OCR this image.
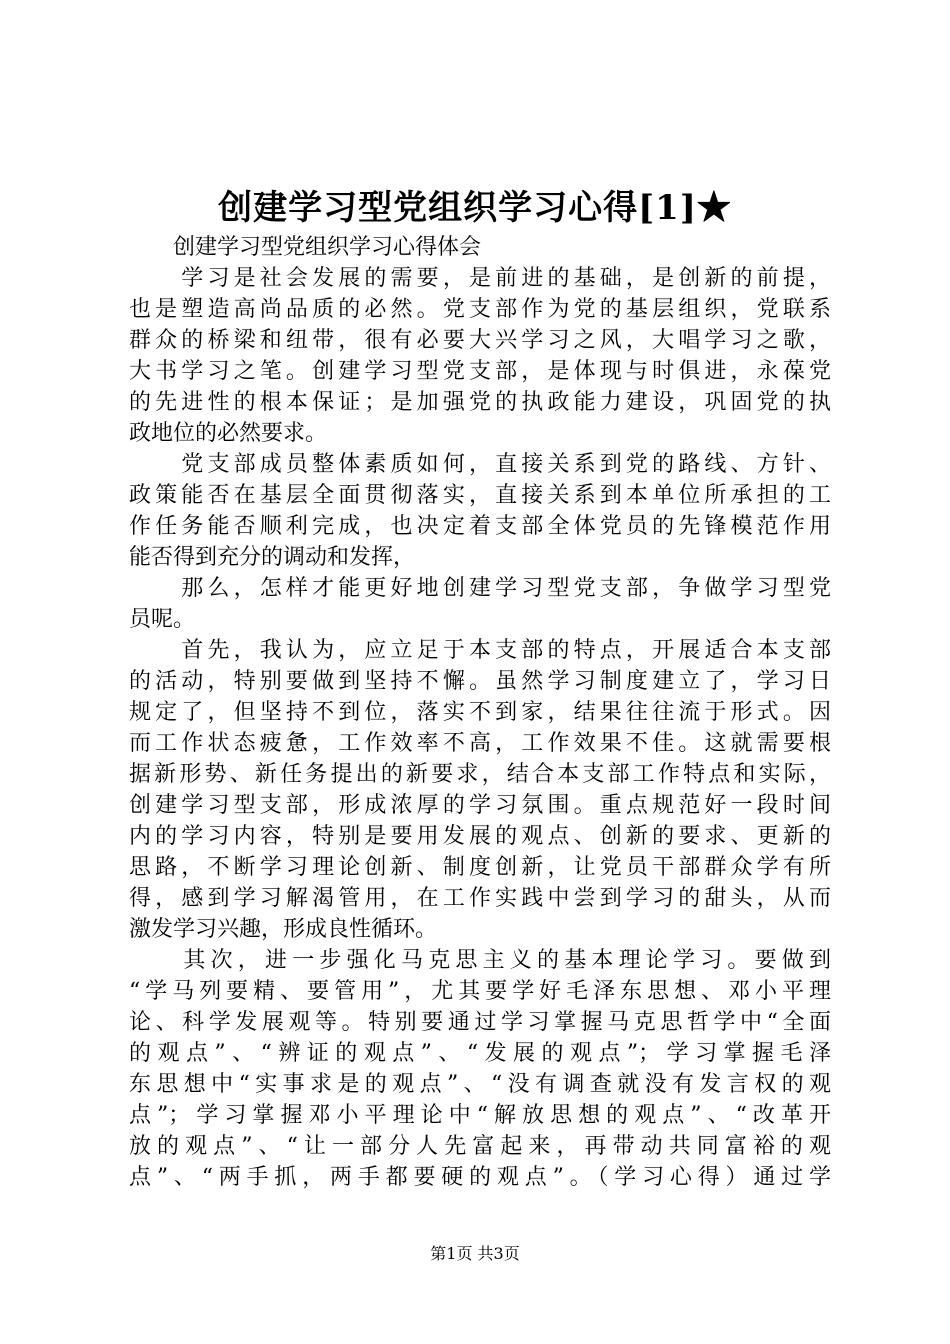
创建学习型党组织学习心得[1]★
　　创建学习型党组织学习心得体会
　　学习是社会发展的需要，是前进的基础，是创新的前提，
也是塑造高尚品质的必然。党支部作为党的基层组织，党联系
群众的桥梁和纽带，很有必要大兴学习之风，大唱学习之歌，
大书学习之笔。创建学习型党支部，是体现与时俱进，永葆党
的先进性的根本保证；是加强党的执政能力建设，巩固党的执
政地位的必然要求。
　　党支部成员整体素质如何，直接关系到党的路线、方针、
政策能否在基层全面贯彻落实，直接关系到本单位所承担的工
作任务能否顺利完成，也决定着支部全体党员的先锋模范作用
能否得到充分的调动和发挥，
　　那么，怎样才能更好地创建学习型党支部，争做学习型党
员呢。
　　首先，我认为，应立足于本支部的特点，开展适合本支部
的活动，特别要做到坚持不懈。虽然学习制度建立了，学习日
规定了，但坚持不到位，落实不到家，结果往往流于形式。因
而工作状态疲惫，工作效率不高，工作效果不佳。这就需要根
据新形势、新任务提出的新要求，结合本支部工作特点和实际，
创建学习型支部，形成浓厚的学习氛围。重点规范好一段时间
内的学习内容，特别是要用发展的观点、创新的要求、更新的
思路，不断学习理论创新、制度创新，让党员干部群众学有所
得，感到学习解渴管用，在工作实践中尝到学习的甜头，从而
激发学习兴趣，形成良性循环。
　　其次，进一步强化马克思主义的基本理论学习。要做到
“学马列要精、要管用”，尤其要学好毛泽东思想、邓小平理
论、科学发展观等。特别要通过学习掌握马克思哲学中“全面
的观点”、“辨证的观点”、“发展的观点”；学习掌握毛泽
东思想中“实事求是的观点”、“没有调查就没有发言权的观
点”；学习掌握邓小平理论中“解放思想的观点”、“改革开
放的观点”、“让一部分人先富起来，再带动共同富裕的观
点”、“两手抓，两手都要硬的观点”。（学习心得）通过学
第1页 共3页
